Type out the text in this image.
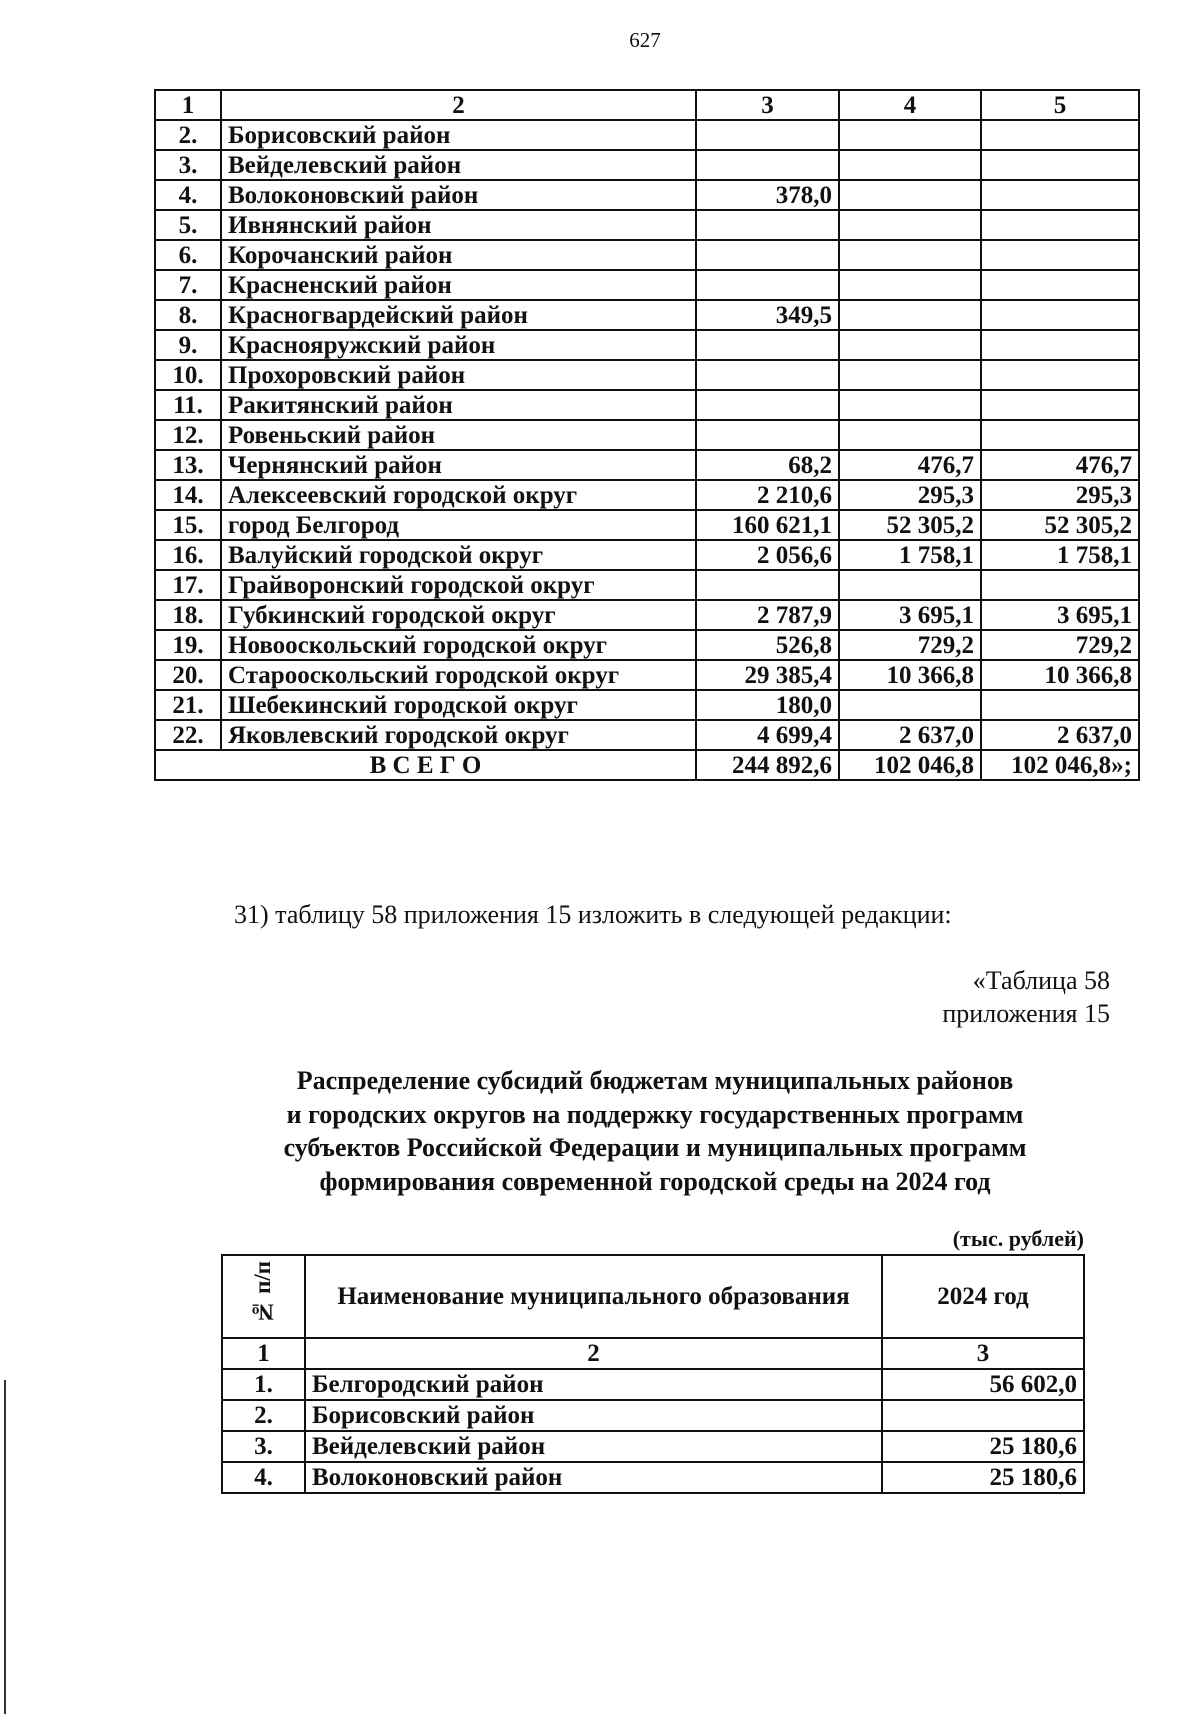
627
1	2	3	4	5
2.	Борисовский район			
3.	Вейделевский район			
4.	Волоконовский район	378,0		
5.	Ивнянский район			
6.	Корочанский район			
7.	Красненский район			
8.	Красногвардейский район	349,5		
9.	Краснояружский район			
10.	Прохоровский район			
11.	Ракитянский район			
12.	Ровеньский район			
13.	Чернянский район	68,2	476,7	476,7
14.	Алексеевский городской округ	2 210,6	295,3	295,3
15.	город Белгород	160 621,1	52 305,2	52 305,2
16.	Валуйский городской округ	2 056,6	1 758,1	1 758,1
17.	Грайворонский городской округ			
18.	Губкинский городской округ	2 787,9	3 695,1	3 695,1
19.	Новооскольский городской округ	526,8	729,2	729,2
20.	Старооскольский городской округ	29 385,4	10 366,8	10 366,8
21.	Шебекинский городской округ	180,0		
22.	Яковлевский городской округ	4 699,4	2 637,0	2 637,0
В С Е Г О		244 892,6	102 046,8	102 046,8»;
31) таблицу 58 приложения 15 изложить в следующей редакции:
«Таблица 58
приложения 15
Распределение субсидий бюджетам муниципальных районов
и городских округов на поддержку государственных программ
субъектов Российской Федерации и муниципальных программ
формирования современной городской среды на 2024 год
(тыс. рублей)
№ п/п	Наименование муниципального образования	2024 год
1	2	3
1.	Белгородский район	56 602,0
2.	Борисовский район	
3.	Вейделевский район	25 180,6
4.	Волоконовский район	25 180,6
